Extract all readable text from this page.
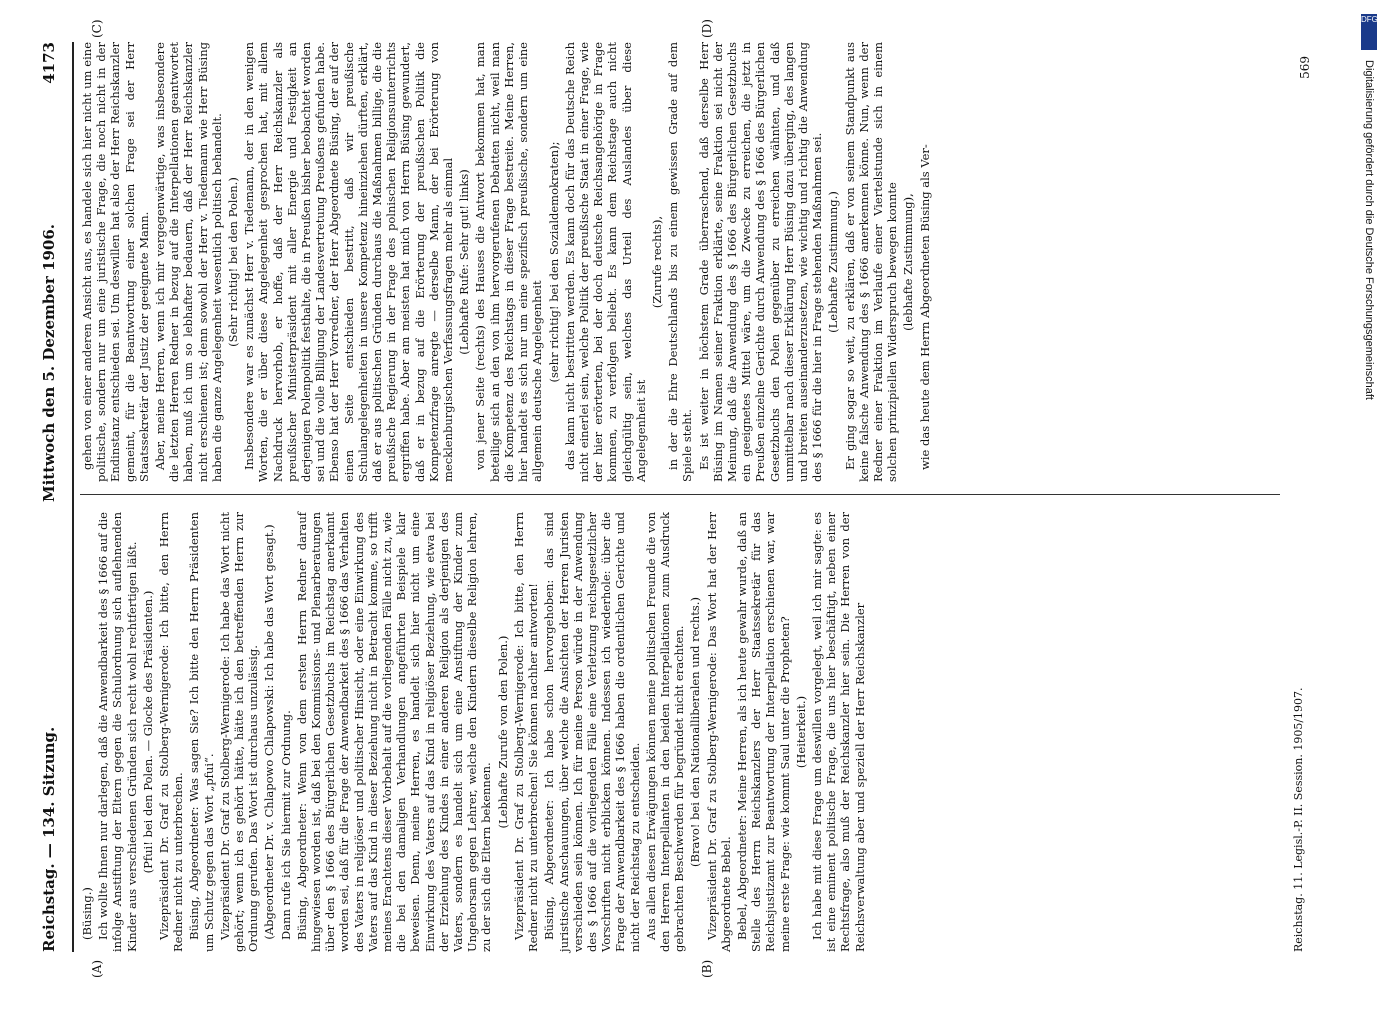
Reichstag. — 134. Sitzung.
Mittwoch den 5. Dezember 1906.
4173
(A)	(B)
(C)	(D)

(Büsing.) Ich wollte Ihnen nur darlegen, daß die Anwendbarkeit des § 1666 auf die infolge Anstiftung der Eltern gegen die Schulordnung sich auflehnenden Kinder aus verschiedenen Gründen sich recht wohl rechtfertigen läßt. (Pfui! bei den Polen. — Glocke des Präsidenten.) Vizepräsident Dr. Graf zu Stolberg-Wernigerode: Ich bitte, den Herrn Redner nicht zu unterbrechen. Büsing, Abgeordneter: Was sagen Sie? Ich bitte den Herrn Präsidenten um Schutz gegen das Wort „pfui“. Vizepräsident Dr. Graf zu Stolberg-Wernigerode: Ich habe das Wort nicht gehört; wenn ich es gehört hätte, hätte ich den betreffenden Herrn zur Ordnung gerufen. Das Wort ist durchaus unzulässig. (Abgeordneter Dr. v. Chlapowo Chlapowski: Ich habe das Wort gesagt.) Dann rufe ich Sie hiermit zur Ordnung. Büsing, Abgeordneter: Wenn von dem ersten Herrn Redner darauf hingewiesen worden ist, daß bei den Kommissions- und Plenarberatungen über den § 1666 des Bürgerlichen Gesetzbuchs im Reichstag anerkannt worden sei, daß für die Frage der Anwendbarkeit des § 1666 das Verhalten des Vaters in religiöser und politischer Hinsicht, oder eine Einwirkung des Vaters auf das Kind in dieser Beziehung nicht in Betracht komme, so trifft meines Erachtens dieser Vorbehalt auf die vorliegenden Fälle nicht zu, wie die bei den damaligen Verhandlungen angeführten Beispiele klar beweisen. Denn, meine Herren, es handelt sich hier nicht um eine Einwirkung des Vaters auf das Kind in religiöser Beziehung, wie etwa bei der Erziehung des Kindes in einer anderen Religion als derjenigen des Vaters, sondern es handelt sich um eine Anstiftung der Kinder zum Ungehorsam gegen Lehrer, welche den Kindern dieselbe Religion lehren, zu der sich die Eltern bekennen.

(Lebhafte Zurufe von den Polen.) Vizepräsident Dr. Graf zu Stolberg-Wernigerode: Ich bitte, den Herrn Redner nicht zu unterbrechen! Sie können nachher antworten! Büsing, Abgeordneter: Ich habe schon hervorgehoben: das sind juristische Anschauungen, über welche die Ansichten der Herren Juristen verschieden sein können. Ich für meine Person würde in der Anwendung des § 1666 auf die vorliegenden Fälle eine Verletzung reichsgesetzlicher Vorschriften nicht erblicken können. Indessen ich wiederhole: über die Frage der Anwendbarkeit des § 1666 haben die ordentlichen Gerichte und nicht der Reichstag zu entscheiden. Aus allen diesen Erwägungen können meine politischen Freunde die von den Herren Interpellanten in den beiden Interpellationen zum Ausdruck gebrachten Beschwerden für begründet nicht erachten. (Bravo! bei den Nationalliberalen und rechts.) Vizepräsident Dr. Graf zu Stolberg-Wernigerode: Das Wort hat der Herr Abgeordnete Bebel. Bebel, Abgeordneter: Meine Herren, als ich heute gewahr wurde, daß an Stelle des Herrn Reichskanzlers der Herr Staatssekretär für das Reichsjustizamt zur Beantwortung der Interpellation erschienen war, war meine erste Frage: wie kommt Saul unter die Propheten? (Heiterkeit.) Ich habe mit diese Frage um deswillen vorgelegt, weil ich mir sagte: es ist eine eminent politische Frage, die uns hier beschäftigt, neben einer Rechtsfrage, also muß der Reichskanzler hier sein. Die Herren von der Reichsverwaltung aber und speziell der Herr Reichskanzler

gehen von einer anderen Ansicht aus, es handele sich hier nicht um eine politische, sondern nur um eine juristische Frage, die noch nicht in der Endinstanz entschieden sei. Um deswillen hat also der Herr Reichskanzler gemeint, für die Beantwortung einer solchen Frage sei der Herr Staatssekretär der Justiz der geeignete Mann. Aber, meine Herren, wenn ich mir vergegenwärtige, was insbesondere die letzten Herren Redner in bezug auf die Interpellationen geantwortet haben, muß ich um so lebhafter bedauern, daß der Herr Reichskanzler nicht erschienen ist; denn sowohl der Herr v. Tiedemann wie Herr Büsing haben die ganze Angelegenheit wesentlich politisch behandelt. (Sehr richtig! bei den Polen.) Insbesondere war es zunächst Herr v. Tiedemann, der in den wenigen Worten, die er über diese Angelegenheit gesprochen hat, mit allem Nachdruck hervorhob, er hoffe, daß der Herr Reichskanzler als preußischer Ministerpräsident mit aller Energie und Festigkeit an derjenigen Polenpolitik festhalte, die in Preußen bisher beobachtet worden sei und die volle Billigung der Landesvertretung Preußens gefunden habe. Ebenso hat der Herr Vorredner, der Herr Abgeordnete Büsing, der auf der einen Seite entschieden bestritt, daß wir preußische Schulangelegenheiten in unsere Kompetenz hineinziehen dürften, erklärt, daß er aus politischen Gründen durchaus die Maßnahmen billige, die die preußische Regierung in der Frage des polnischen Religionsunterrichts ergriffen habe. Aber am meisten hat mich von Herrn Büsing gewundert, daß er in bezug auf die Erörterung der preußischen Politik die Kompetenzfrage anregte — derselbe Mann, der bei Erörterung von mecklenburgischen Verfassungsfragen mehr als einmal (Lebhafte Rufe: Sehr gut! links) von jener Seite (rechts) des Hauses die Antwort bekommen hat, man beteilige sich an den von ihm hervorgerufenen Debatten nicht, weil man die Kompetenz des Reichstags in dieser Frage bestreite. Meine Herren, hier handelt es sich nur um eine spezifisch preußische, sondern um eine allgemein deutsche Angelegenheit (sehr richtig! bei den Sozialdemokraten); das kann nicht bestritten werden. Es kann doch für das Deutsche Reich nicht einerlei sein, welche Politik der preußische Staat in einer Frage, wie der hier erörterten, bei der doch deutsche Reichsangehörige in Frage kommen, zu verfolgen beliebt. Es kann dem Reichstage auch nicht gleichgültig sein, welches das Urteil des Auslandes über diese Angelegenheit ist

(Zurufe rechts), in der die Ehre Deutschlands bis zu einem gewissen Grade auf dem Spiele steht. Es ist weiter in höchstem Grade überraschend, daß derselbe Herr Büsing im Namen seiner Fraktion erklärte, seine Fraktion sei nicht der Meinung, daß die Anwendung des § 1666 des Bürgerlichen Gesetzbuchs ein geeignetes Mittel wäre, um die Zwecke zu erreichen, die jetzt in Preußen einzelne Gerichte durch Anwendung des § 1666 des Bürgerlichen Gesetzbuchs den Polen gegenüber zu erreichen wähnten, und daß unmittelbar nach dieser Erklärung Herr Büsing dazu überging, des langen und breiten auseinanderzusetzen, wie wichtig und richtig die Anwendung des § 1666 für die hier in Frage stehenden Maßnahmen sei. (Lebhafte Zustimmung.) Er ging sogar so weit, zu erklären, daß er von seinem Standpunkt aus keine falsche Anwendung des § 1666 anerkennen könne. Nun, wenn der Redner einer Fraktion im Verlaufe einer Viertelstunde sich in einem solchen prinzipiellen Widerspruch bewegen konnte (lebhafte Zustimmung), wie das heute dem Herrn Abgeordneten Büsing als Ver-

Reichstag. 11. Legisl.-P. II. Session. 1905/1907.
569
DFG
Digitalisierung gefördert durch die Deutsche Forschungsgemeinschaft
